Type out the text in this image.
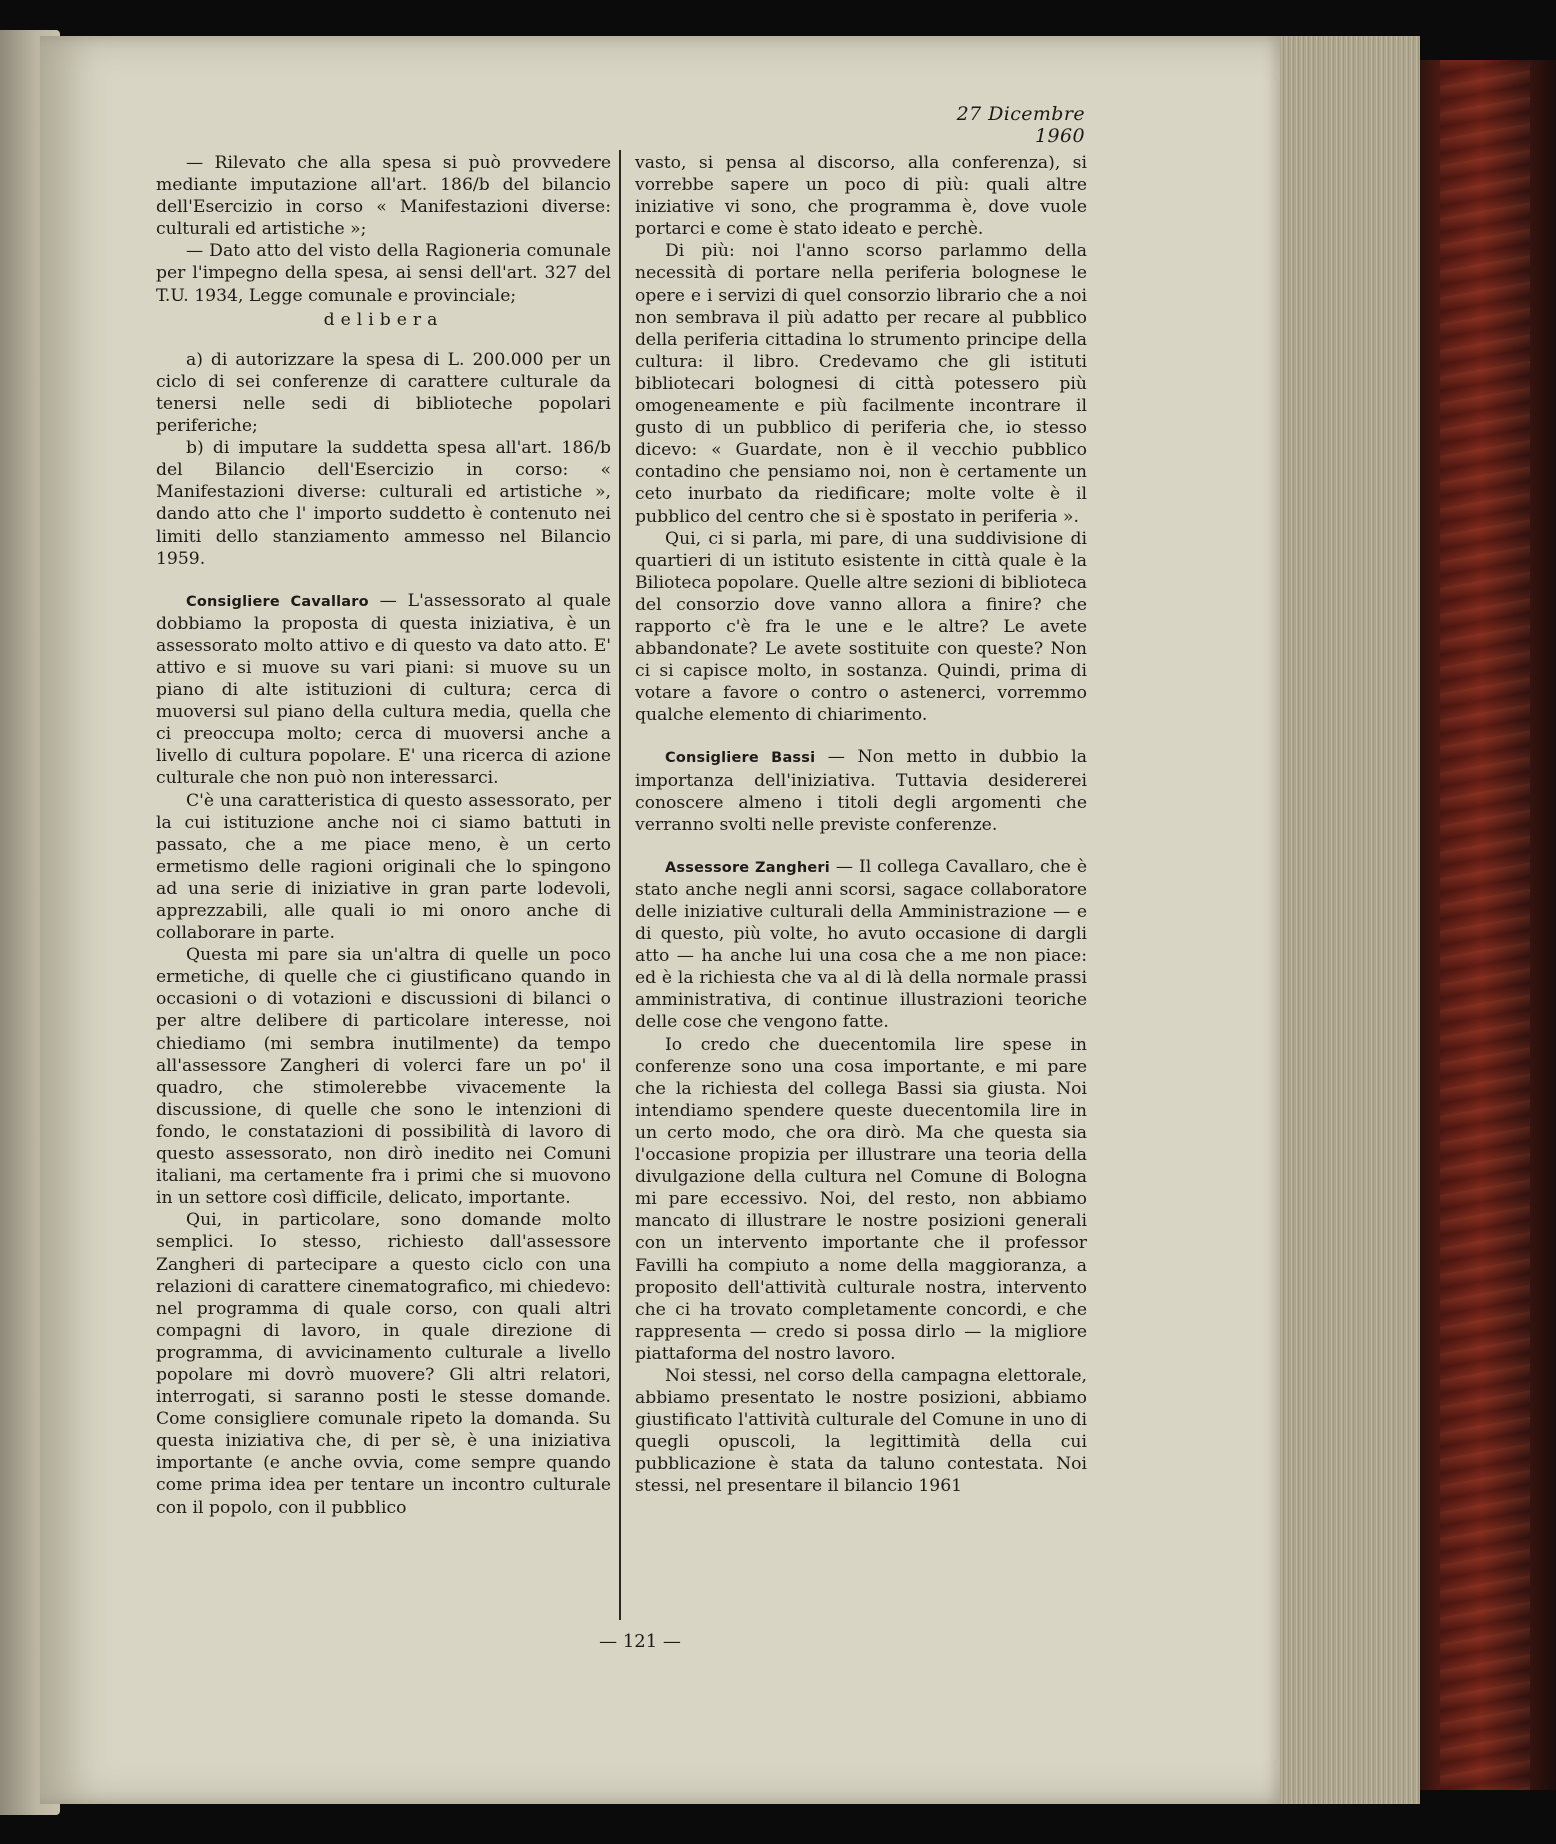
27 Dicembre 1960

— Rilevato che alla spesa si può provvedere mediante imputazione all'art. 186/b del bilancio dell'Esercizio in corso « Manifestazioni diverse: culturali ed artistiche »;

— Dato atto del visto della Ragioneria comunale per l'impegno della spesa, ai sensi dell'art. 327 del T.U. 1934, Legge comunale e provinciale;

delibera

a) di autorizzare la spesa di L. 200.000 per un ciclo di sei conferenze di carattere culturale da tenersi nelle sedi di biblioteche popolari periferiche;

b) di imputare la suddetta spesa all'art. 186/b del Bilancio dell'Esercizio in corso: « Manifestazioni diverse: culturali ed artistiche », dando atto che l' importo suddetto è contenuto nei limiti dello stanziamento ammesso nel Bilancio 1959.

Consigliere Cavallaro — L'assessorato al quale dobbiamo la proposta di questa iniziativa, è un assessorato molto attivo e di questo va dato atto. E' attivo e si muove su vari piani: si muove su un piano di alte istituzioni di cultura; cerca di muoversi sul piano della cultura media, quella che ci preoccupa molto; cerca di muoversi anche a livello di cultura popolare. E' una ricerca di azione culturale che non può non interessarci.

C'è una caratteristica di questo assessorato, per la cui istituzione anche noi ci siamo battuti in passato, che a me piace meno, è un certo ermetismo delle ragioni originali che lo spingono ad una serie di iniziative in gran parte lodevoli, apprezzabili, alle quali io mi onoro anche di collaborare in parte.

Questa mi pare sia un'altra di quelle un poco ermetiche, di quelle che ci giustificano quando in occasioni o di votazioni e discussioni di bilanci o per altre delibere di particolare interesse, noi chiediamo (mi sembra inutilmente) da tempo all'assessore Zangheri di volerci fare un po' il quadro, che stimolerebbe vivacemente la discussione, di quelle che sono le intenzioni di fondo, le constatazioni di possibilità di lavoro di questo assessorato, non dirò inedito nei Comuni italiani, ma certamente fra i primi che si muovono in un settore così difficile, delicato, importante.

Qui, in particolare, sono domande molto semplici. Io stesso, richiesto dall'assessore Zangheri di partecipare a questo ciclo con una relazioni di carattere cinematografico, mi chiedevo: nel programma di quale corso, con quali altri compagni di lavoro, in quale direzione di programma, di avvicinamento culturale a livello popolare mi dovrò muovere? Gli altri relatori, interrogati, si saranno posti le stesse domande. Come consigliere comunale ripeto la domanda. Su questa iniziativa che, di per sè, è una iniziativa importante (e anche ovvia, come sempre quando come prima idea per tentare un incontro culturale con il popolo, con il pubblico

vasto, si pensa al discorso, alla conferenza), si vorrebbe sapere un poco di più: quali altre iniziative vi sono, che programma è, dove vuole portarci e come è stato ideato e perchè.

Di più: noi l'anno scorso parlammo della necessità di portare nella periferia bolognese le opere e i servizi di quel consorzio librario che a noi non sembrava il più adatto per recare al pubblico della periferia cittadina lo strumento principe della cultura: il libro. Credevamo che gli istituti bibliotecari bolognesi di città potessero più omogeneamente e più facilmente incontrare il gusto di un pubblico di periferia che, io stesso dicevo: « Guardate, non è il vecchio pubblico contadino che pensiamo noi, non è certamente un ceto inurbato da riedificare; molte volte è il pubblico del centro che si è spostato in periferia ».

Qui, ci si parla, mi pare, di una suddivisione di quartieri di un istituto esistente in città quale è la Bilioteca popolare. Quelle altre sezioni di biblioteca del consorzio dove vanno allora a finire? che rapporto c'è fra le une e le altre? Le avete abbandonate? Le avete sostituite con queste? Non ci si capisce molto, in sostanza. Quindi, prima di votare a favore o contro o astenerci, vorremmo qualche elemento di chiarimento.

Consigliere Bassi — Non metto in dubbio la importanza dell'iniziativa. Tuttavia desidererei conoscere almeno i titoli degli argomenti che verranno svolti nelle previste conferenze.

Assessore Zangheri — Il collega Cavallaro, che è stato anche negli anni scorsi, sagace collaboratore delle iniziative culturali della Amministrazione — e di questo, più volte, ho avuto occasione di dargli atto — ha anche lui una cosa che a me non piace: ed è la richiesta che va al di là della normale prassi amministrativa, di continue illustrazioni teoriche delle cose che vengono fatte.

Io credo che duecentomila lire spese in conferenze sono una cosa importante, e mi pare che la richiesta del collega Bassi sia giusta. Noi intendiamo spendere queste duecentomila lire in un certo modo, che ora dirò. Ma che questa sia l'occasione propizia per illustrare una teoria della divulgazione della cultura nel Comune di Bologna mi pare eccessivo. Noi, del resto, non abbiamo mancato di illustrare le nostre posizioni generali con un intervento importante che il professor Favilli ha compiuto a nome della maggioranza, a proposito dell'attività culturale nostra, intervento che ci ha trovato completamente concordi, e che rappresenta — credo si possa dirlo — la migliore piattaforma del nostro lavoro.

Noi stessi, nel corso della campagna elettorale, abbiamo presentato le nostre posizioni, abbiamo giustificato l'attività culturale del Comune in uno di quegli opuscoli, la legittimità della cui pubblicazione è stata da taluno contestata. Noi stessi, nel presentare il bilancio 1961

— 121 —
